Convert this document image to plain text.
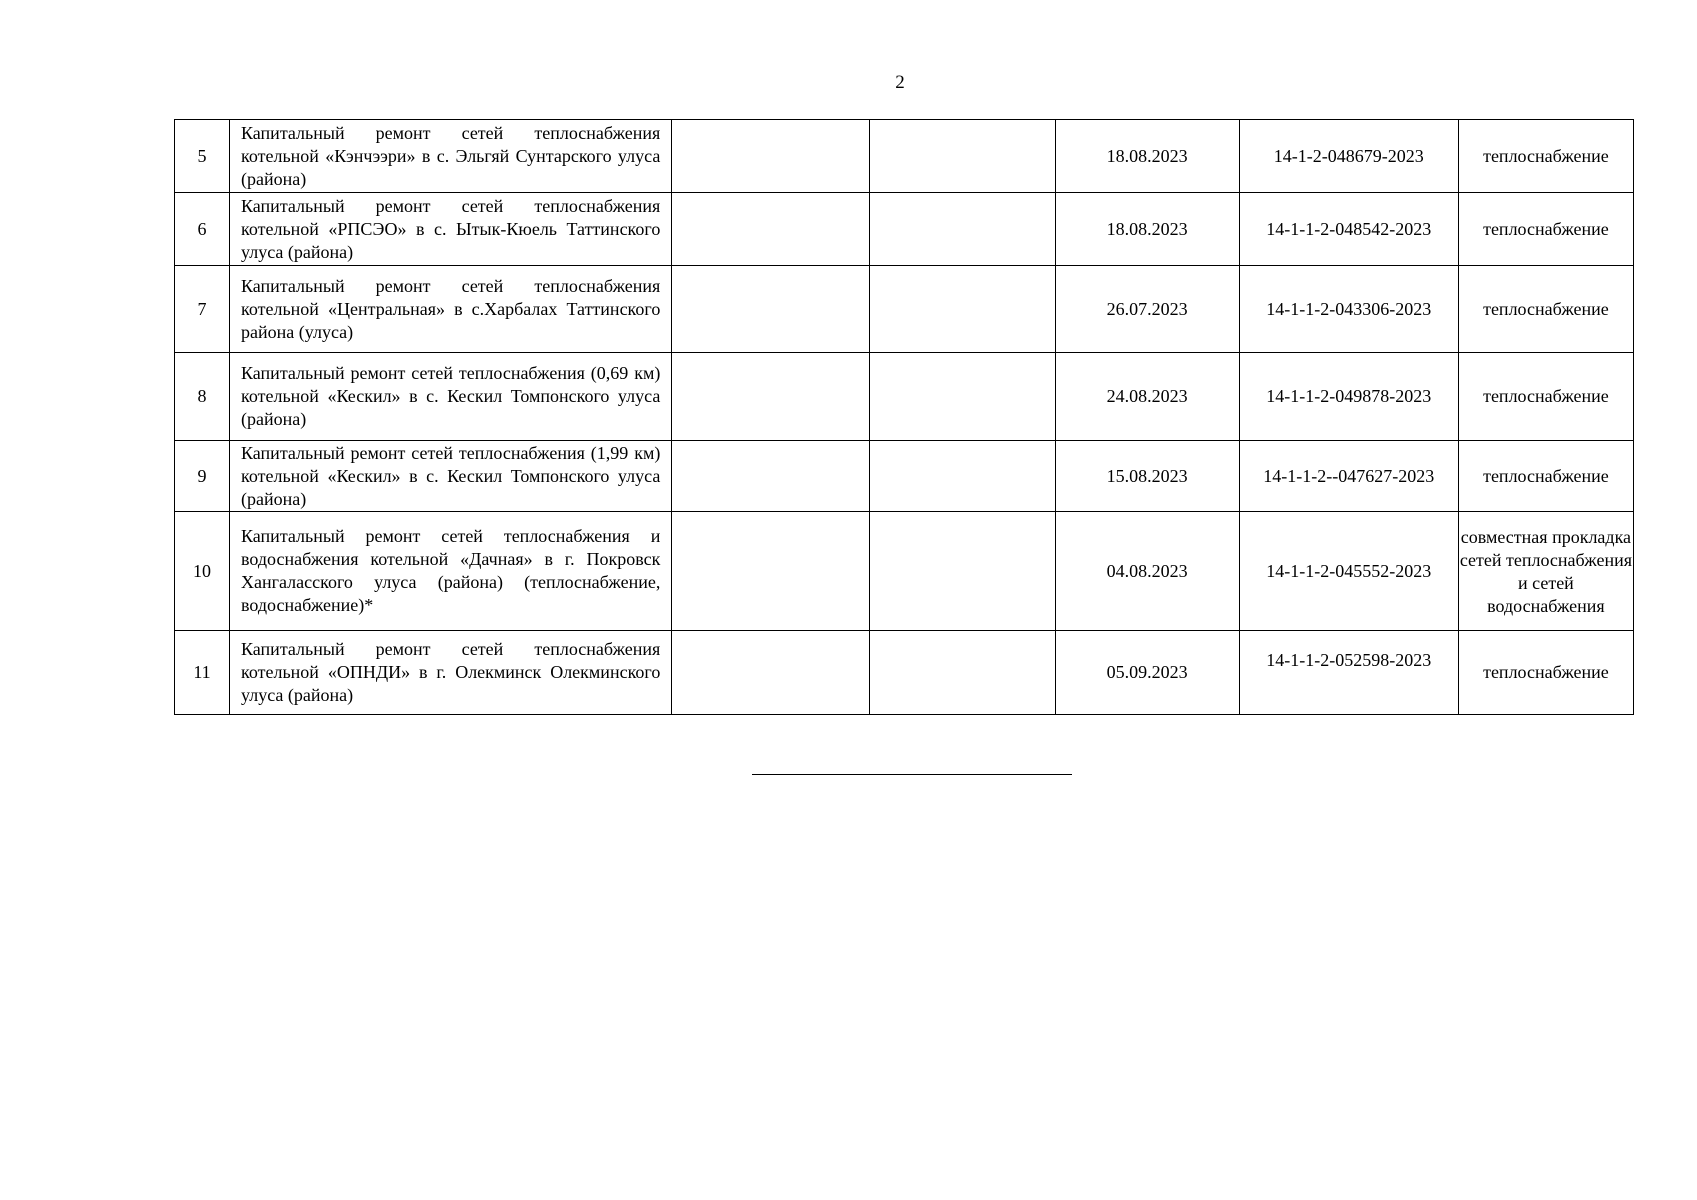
2
5	Капитальный ремонт сетей теплоснабжения котельной «Кэнчээри» в с. Эльгяй Сунтарского улуса (района)			18.08.2023	14-1-2-048679-2023	теплоснабжение
6	Капитальный ремонт сетей теплоснабжения котельной «РПСЭО» в с. Ытык-Кюель Таттинского улуса (района)			18.08.2023	14-1-1-2-048542-2023	теплоснабжение
7	Капитальный ремонт сетей теплоснабжения котельной «Центральная» в с.Харбалах Таттинского района (улуса)			26.07.2023	14-1-1-2-043306-2023	теплоснабжение
8	Капитальный ремонт сетей теплоснабжения (0,69 км) котельной «Кескил» в с. Кескил Томпонского улуса (района)			24.08.2023	14-1-1-2-049878-2023	теплоснабжение
9	Капитальный ремонт сетей теплоснабжения (1,99 км) котельной «Кескил» в с. Кескил Томпонского улуса (района)			15.08.2023	14-1-1-2--047627-2023	теплоснабжение
10	Капитальный ремонт сетей теплоснабжения и водоснабжения котельной «Дачная» в г. Покровск Хангаласского улуса (района) (теплоснабжение, водоснабжение)*			04.08.2023	14-1-1-2-045552-2023	совместная прокладка сетей теплоснабжения и сетей водоснабжения
11	Капитальный ремонт сетей теплоснабжения котельной «ОПНДИ» в г. Олекминск Олекминского улуса (района)			05.09.2023	14-1-1-2-052598-2023	теплоснабжение
